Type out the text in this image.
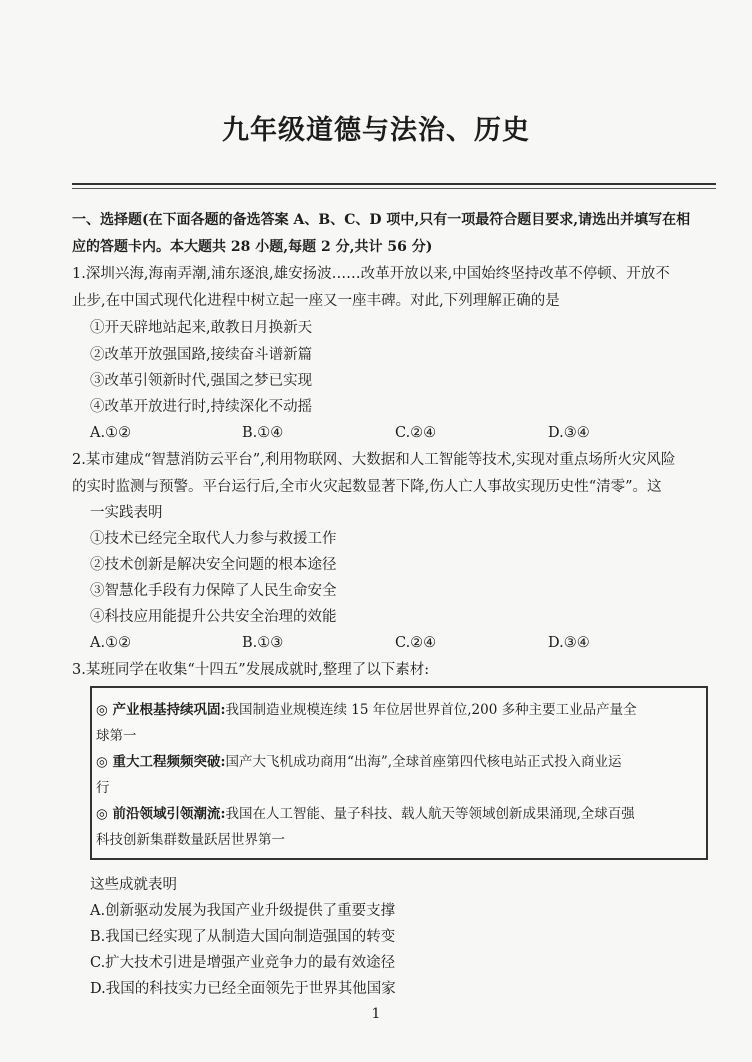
九年级道德与法治、历史
一、选择题(在下面各题的备选答案 A、B、C、D 项中,只有一项最符合题目要求,请选出并填写在相
应的答题卡内。本大题共 28 小题,每题 2 分,共计 56 分)
1.深圳兴海,海南弄潮,浦东逐浪,雄安扬波……改革开放以来,中国始终坚持改革不停顿、开放不
止步,在中国式现代化进程中树立起一座又一座丰碑。对此,下列理解正确的是
①开天辟地站起来,敢教日月换新天
②改革开放强国路,接续奋斗谱新篇
③改革引领新时代,强国之梦已实现
④改革开放进行时,持续深化不动摇
A.①②	B.①④	C.②④	D.③④
2.某市建成“智慧消防云平台”,利用物联网、大数据和人工智能等技术,实现对重点场所火灾风险
的实时监测与预警。平台运行后,全市火灾起数显著下降,伤人亡人事故实现历史性“清零”。这
一实践表明
①技术已经完全取代人力参与救援工作
②技术创新是解决安全问题的根本途径
③智慧化手段有力保障了人民生命安全
④科技应用能提升公共安全治理的效能
A.①②	B.①③	C.②④	D.③④
3.某班同学在收集“十四五”发展成就时,整理了以下素材:
◎ 产业根基持续巩固:我国制造业规模连续 15 年位居世界首位,200 多种主要工业品产量全
球第一
◎ 重大工程频频突破:国产大飞机成功商用“出海”,全球首座第四代核电站正式投入商业运
行
◎ 前沿领域引领潮流:我国在人工智能、量子科技、载人航天等领域创新成果涌现,全球百强
科技创新集群数量跃居世界第一
这些成就表明
A.创新驱动发展为我国产业升级提供了重要支撑
B.我国已经实现了从制造大国向制造强国的转变
C.扩大技术引进是增强产业竞争力的最有效途径
D.我国的科技实力已经全面领先于世界其他国家
1
